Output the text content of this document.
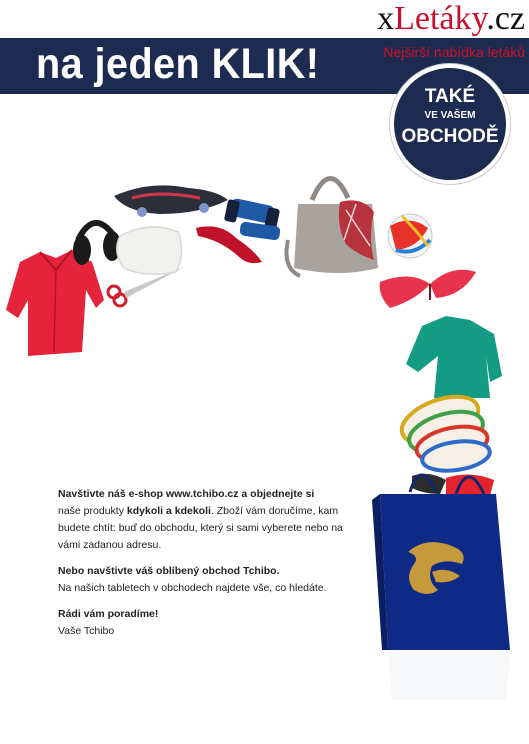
xLetáky.cz
na jeden KLIK!	Nejširší nabídka letáků
TAKÉ
VE VAŠEM
OBCHODĚ

Navštivte náš e-shop www.tchibo.cz a objednejte si
naše produkty kdykoli a kdekoli. Zboží vám doručíme, kam budete chtít: buď do obchodu, který si sami vyberete nebo na vámi zadanou adresu.

Nebo navštivte váš oblíbený obchod Tchibo.
Na našich tabletech v obchodech najdete vše, co hledáte.

Rádi vám poradíme!
Vaše Tchibo
